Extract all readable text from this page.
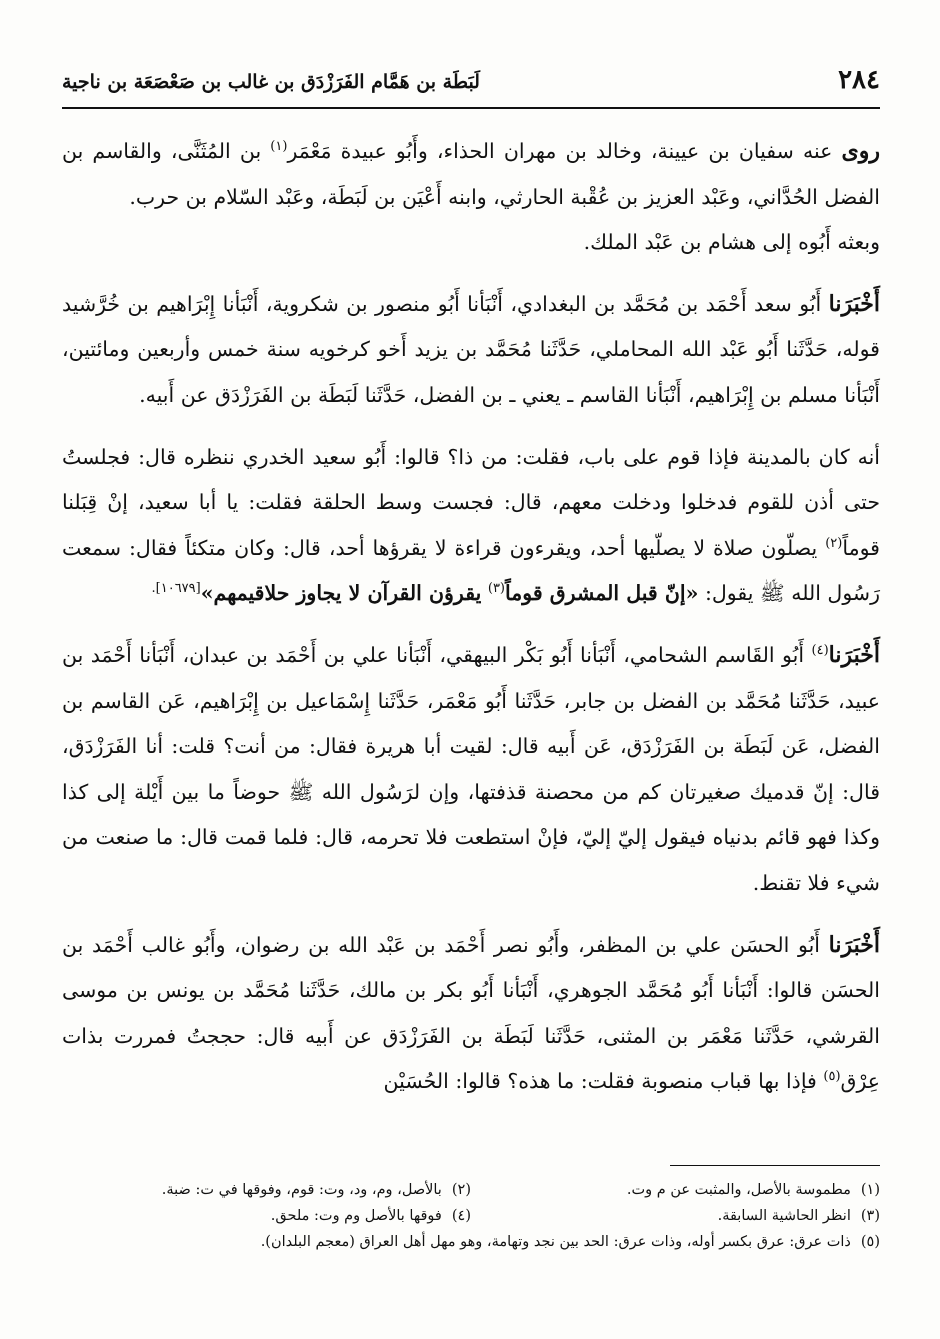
٢٨٤
لَبَطَة بن هَمَّام الفَرَزْدَق بن غالب بن صَعْصَعَة بن ناجية

روى عنه سفيان بن عيينة، وخالد بن مهران الحذاء، وأَبُو عبيدة مَعْمَر$^{(١)}$ بن المُثَنَّى، والقاسم بن الفضل الحُدَّاني، وعَبْد العزيز بن عُقْبة الحارثي، وابنه أَعْيَن بن لَبَطَة، وعَبْد السّلام بن حرب.

وبعثه أَبُوه إلى هشام بن عَبْد الملك.

أَخْبَرَنا أَبُو سعد أَحْمَد بن مُحَمَّد بن البغدادي، أَنْبَأنا أَبُو منصور بن شكروية، أَنْبَأنا إِبْرَاهيم بن خُرَّشيد قوله، حَدَّثَنا أَبُو عَبْد الله المحاملي، حَدَّثَنا مُحَمَّد بن يزيد أَخو كرخويه سنة خمس وأربعين ومائتين، أَنْبَأنا مسلم بن إِبْرَاهيم، أَنْبَأنا القاسم ـ يعني ـ بن الفضل، حَدَّثَنا لَبَطَة بن الفَرَزْدَق عن أَبيه.

أنه كان بالمدينة فإذا قوم على باب، فقلت: من ذا؟ قالوا: أَبُو سعيد الخدري ننظره قال: فجلستُ حتى أذن للقوم فدخلوا ودخلت معهم، قال: فجست وسط الحلقة فقلت: يا أبا سعيد، إنْ قِبَلنا قوماً$^{(٢)}$ يصلّون صلاة لا يصلّيها أحد، ويقرءون قراءة لا يقرؤها أحد، قال: وكان متكئاً فقال: سمعت رَسُول الله ﷺ يقول: «إنّ قبل المشرق قوماً$^{(٣)}$ يقرؤن القرآن لا يجاوز حلاقيمهم»$^{[١٠٦٧٩].}$

أَخْبَرَنا$^{(٤)}$ أَبُو القَاسم الشحامي، أَنْبَأنا أَبُو بَكْر البيهقي، أَنْبَأنا علي بن أَحْمَد بن عبدان، أَنْبَأنا أَحْمَد بن عبيد، حَدَّثَنا مُحَمَّد بن الفضل بن جابر، حَدَّثَنا أَبُو مَعْمَر، حَدَّثَنا إِسْمَاعيل بن إِبْرَاهيم، عَن القاسم بن الفضل، عَن لَبَطَة بن الفَرَزْدَق، عَن أَبيه قال: لقيت أبا هريرة فقال: من أنت؟ قلت: أنا الفَرَزْدَق، قال: إنّ قدميك صغيرتان كم من محصنة قذفتها، وإن لرَسُول الله ﷺ حوضاً ما بين أَيْلة إلى كذا وكذا فهو قائم بدنياه فيقول إليّ إليّ، فإنْ استطعت فلا تحرمه، قال: فلما قمت قال: ما صنعت من شيء فلا تقنط.

أَخْبَرَنا أَبُو الحسَن علي بن المظفر، وأَبُو نصر أَحْمَد بن عَبْد الله بن رضوان، وأَبُو غالب أَحْمَد بن الحسَن قالوا: أَنْبَأنا أَبُو مُحَمَّد الجوهري، أَنْبَأنا أَبُو بكر بن مالك، حَدَّثَنا مُحَمَّد بن يونس بن موسى القرشي، حَدَّثَنا مَعْمَر بن المثنى، حَدَّثَنا لَبَطَة بن الفَرَزْدَق عن أَبيه قال: حججتُ فمررت بذات عِرْق$^{(٥)}$ فإذا بها قباب منصوبة فقلت: ما هذه؟ قالوا: الحُسَيْن

(١)مطموسة بالأصل، والمثبت عن م وت.
(٢)بالأصل، وم، ود، وت: قوم، وفوقها في ت: ضبة.
(٣)انظر الحاشية السابقة.
(٤)فوقها بالأصل وم وت: ملحق.
(٥)ذات عرق: عرق بكسر أوله، وذات عرق: الحد بين نجد وتهامة، وهو مهل أهل العراق (معجم البلدان).
